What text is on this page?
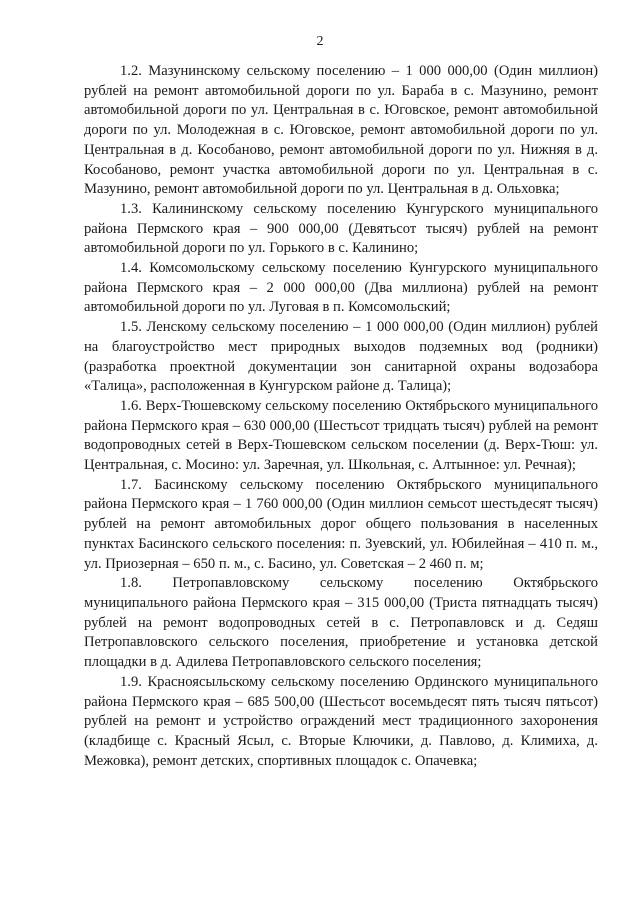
2

1.2. Мазунинскому сельскому поселению – 1 000 000,00 (Один миллион) рублей на ремонт автомобильной дороги по ул. Бараба в с. Мазунино, ремонт автомобильной дороги по ул. Центральная в с. Юговское, ремонт автомобильной дороги по ул. Молодежная в с. Юговское, ремонт автомобильной дороги по ул. Центральная в д. Кособаново, ремонт автомобильной дороги по ул. Нижняя в д. Кособаново, ремонт участка автомобильной дороги по ул. Центральная в с. Мазунино, ремонт автомобильной дороги по ул. Центральная в д. Ольховка;

1.3. Калининскому сельскому поселению Кунгурского муниципального района Пермского края – 900 000,00 (Девятьсот тысяч) рублей на ремонт автомобильной дороги по ул. Горького в с. Калинино;

1.4. Комсомольскому сельскому поселению Кунгурского муниципального района Пермского края – 2 000 000,00 (Два миллиона) рублей на ремонт автомобильной дороги по ул. Луговая в п. Комсомольский;

1.5. Ленскому сельскому поселению – 1 000 000,00 (Один миллион) рублей на благоустройство мест природных выходов подземных вод (родники) (разработка проектной документации зон санитарной охраны водозабора «Талица», расположенная в Кунгурском районе д. Талица);

1.6. Верх-Тюшевскому сельскому поселению Октябрьского муниципального района Пермского края – 630 000,00 (Шестьсот тридцать тысяч) рублей на ремонт водопроводных сетей в Верх-Тюшевском сельском поселении (д. Верх-Тюш: ул. Центральная, с. Мосино: ул. Заречная, ул. Школьная, с. Алтынное: ул. Речная);

1.7. Басинскому сельскому поселению Октябрьского муниципального района Пермского края – 1 760 000,00 (Один миллион семьсот шестьдесят тысяч) рублей на ремонт автомобильных дорог общего пользования в населенных пунктах Басинского сельского поселения: п. Зуевский, ул. Юбилейная – 410 п. м., ул. Приозерная – 650 п. м., с. Басино, ул. Советская – 2 460 п. м;

1.8. Петропавловскому сельскому поселению Октябрьского муниципального района Пермского края – 315 000,00 (Триста пятнадцать тысяч) рублей на ремонт водопроводных сетей в с. Петропавловск и д. Седяш Петропавловского сельского поселения, приобретение и установка детской площадки в д. Адилева Петропавловского сельского поселения;

1.9. Красноясыльскому сельскому поселению Ординского муниципального района Пермского края – 685 500,00 (Шестьсот восемьдесят пять тысяч пятьсот) рублей на ремонт и устройство ограждений мест традиционного захоронения (кладбище с. Красный Ясыл, с. Вторые Ключики, д. Павлово, д. Климиха, д. Межовка), ремонт детских, спортивных площадок с. Опачевка;
